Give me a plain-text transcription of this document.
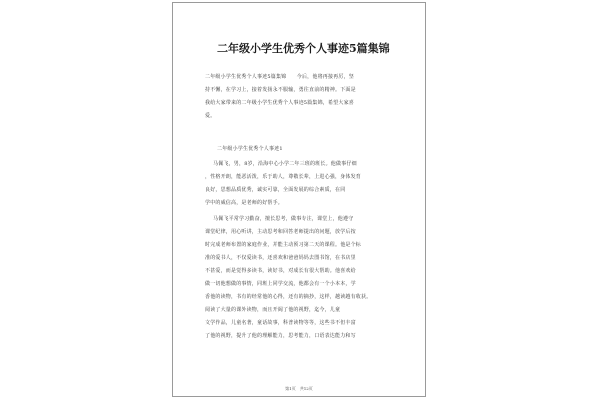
二年级小学生优秀个人事迹5篇集锦
二年级小学生优秀个人事迹5篇集锦　　今后，他将再接再厉，坚
持不懈，在学习上，接着发扬永不服输，勇往直前的精神。下面是
我给大家带来的二年级小学生优秀个人事迹5篇集锦，希望大家喜
爱。
二年级小学生优秀个人事迹1
马佩飞，男，8岁，沿海中心小学二年三班的班长。他做事仔细
，性格开朗，能恶活泼，乐于助人，尊敬长辈，上进心强，身体发育
良好，思想品质优秀，诚实可靠，全面发展的综合素质，在同
学中的威信高，是老师的好帮手。
马佩飞平常学习勤奋，擅长思考，做事专注，课堂上，他遵守
课堂纪律，用心听讲，主动思考和回答老师提出的问题，放学后按
时完成老师布置的家庭作业，并能主动预习第二天的课程。他是个标
准的爱书人，不仅爱读书，还喜欢和爸爸妈妈去图书馆，在书店里
不甚爱，而是觉得多读书，读好书，对成长有很大帮助。他喜欢给
做一切他想做的事情，同班上同学交流，他都会有一个小本本，学
香他的读物，书有的经常他的心得，还有的摘抄，这样，越读越有收获。
阅读了大量的课外读物，而且开阔了他的视野，迄今，儿童
文学作品，儿童名著，童话故事，科普读物等等，这些书不但丰富
了他的视野，提升了他的理解能力，思考能力，口语表达能力和写
第1页　共12页
